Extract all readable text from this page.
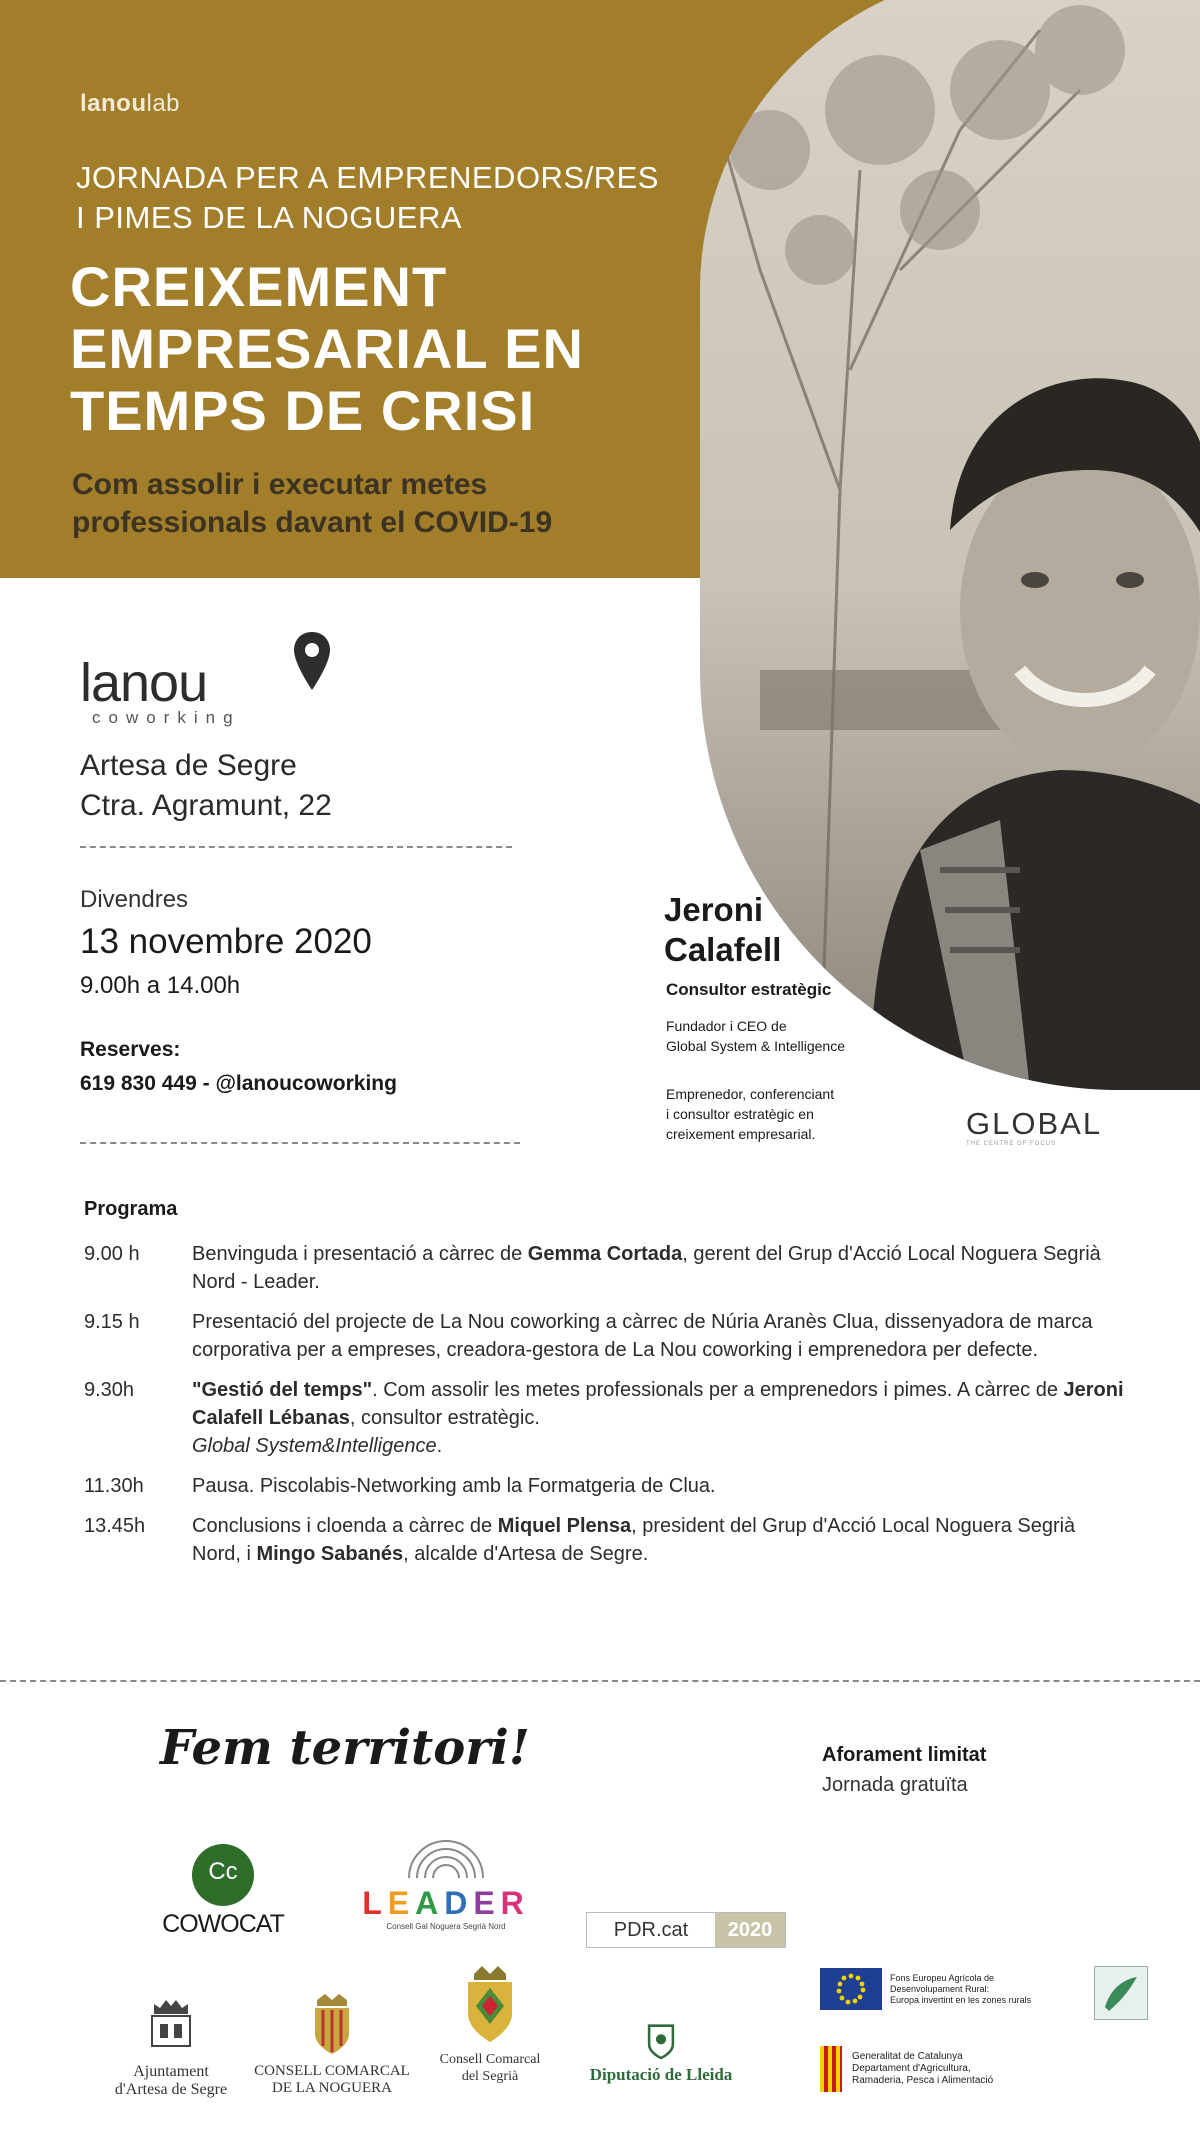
lanoulab
JORNADA PER A EMPRENEDORS/RES
I PIMES DE LA NOGUERA
CREIXEMENT
EMPRESARIAL EN
TEMPS DE CRISI
Com assolir i executar metes
professionals davant el COVID-19
lanou
coworking
Artesa de Segre
Ctra. Agramunt, 22
Divendres
13 novembre 2020
9.00h a 14.00h
Reserves:
619 830 449 - @lanoucoworking
Jeroni
Calafell
Consultor estratègic
Fundador i CEO de
Global System & Intelligence
Emprenedor, conferenciant
i consultor estratègic en
creixement empresarial.	GLOBAL
THE CENTRE OF FOCUS
Programa
9.00 h	Benvinguda i presentació a càrrec de Gemma Cortada, gerent del Grup d'Acció Local Noguera Segrià Nord - Leader.
9.15 h	Presentació del projecte de La Nou coworking a càrrec de Núria Aranès Clua, dissenyadora de marca corporativa per a empreses, creadora-gestora de La Nou coworking i emprenedora per defecte.
9.30h	"Gestió del temps". Com assolir les metes professionals per a emprenedors i pimes. A càrrec de Jeroni Calafell Lébanas, consultor estratègic.
Global System&Intelligence.
11.30h	Pausa. Piscolabis-Networking amb la Formatgeria de Clua.
13.45h	Conclusions i cloenda a càrrec de Miquel Plensa, president del Grup d'Acció Local Noguera Segrià Nord, i Mingo Sabanés, alcalde d'Artesa de Segre.
Fem territori!	Aforament limitat
Jornada gratuïta
Cc
COWOCAT
LEADER
Consell Gal Noguera Segrià Nord	PDR.cat	2020
Ajuntament
d'Artesa de Segre
CONSELL COMARCAL
DE LA NOGUERA
Consell Comarcal
del Segrià	Diputació de Lleida
Fons Europeu Agrícola de
Desenvolupament Rural:
Europa invertint en les zones rurals
Generalitat de Catalunya
Departament d'Agricultura,
Ramaderia, Pesca i Alimentació
